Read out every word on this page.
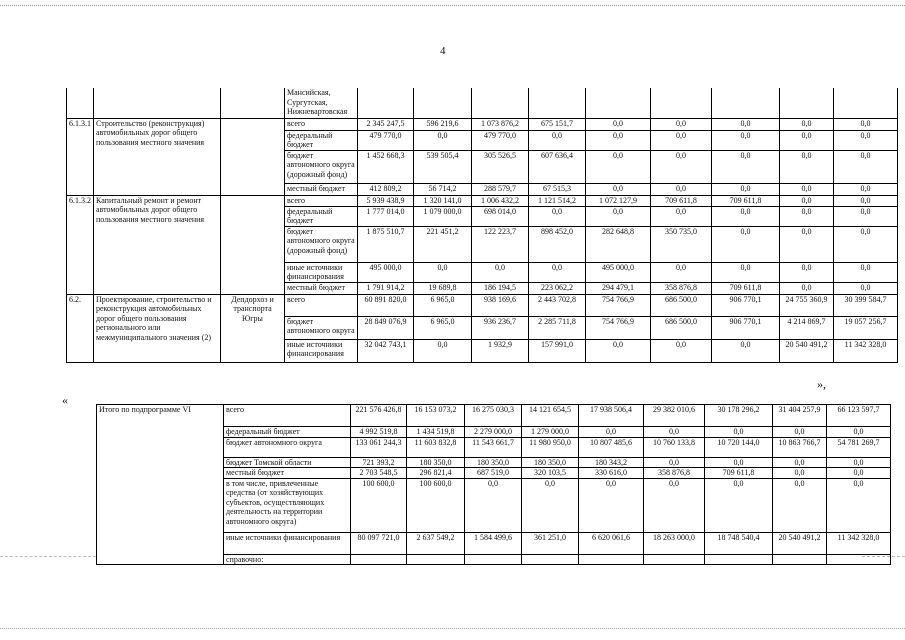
4
			Мансийская, Сургутская, Нижневартовская									
6.1.3.1	Строительство (реконструкция) автомобильных дорог общего пользования местного значения		всего	2 345 247,5	596 219,6	1 073 876,2	675 151,7	0,0	0,0	0,0	0,0	0,0
			федеральный бюджет	479 770,0	0,0	479 770,0	0,0	0,0	0,0	0,0	0,0	0,0
			бюджет автономного округа (дорожный фонд)	1 452 668,3	539 505,4	305 526,5	607 636,4	0,0	0,0	0,0	0,0	0,0
			местный бюджет	412 809,2	56 714,2	288 579,7	67 515,3	0,0	0,0	0,0	0,0	0,0
6.1.3.2	Капитальный ремонт и ремонт автомобильных дорог общего пользования местного значения		всего	5 939 438,9	1 320 141,0	1 006 432,2	1 121 514,2	1 072 127,9	709 611,8	709 611,8	0,0	0,0
			федеральный бюджет	1 777 014,0	1 079 000,0	698 014,0	0,0	0,0	0,0	0,0	0,0	0,0
			бюджет автономного округа (дорожный фонд)	1 875 510,7	221 451,2	122 223,7	898 452,0	282 648,8	350 735,0	0,0	0,0	0,0
			иные источники финансирования	495 000,0	0,0	0,0	0,0	495 000,0	0,0	0,0	0,0	0,0
			местный бюджет	1 791 914,2	19 689,8	186 194,5	223 062,2	294 479,1	358 876,8	709 611,8	0,0	0,0
6.2.	Проектирование, строительство и реконструкция автомобильных дорог общего пользования регионального или межмуниципального значения (2)	Депдорхоз и транспорта Югры	всего	60 891 820,0	6 965,0	938 169,6	2 443 702,8	754 766,9	686 500,0	906 770,1	24 755 360,9	30 399 584,7
			бюджет автономного округа	28 849 076,9	6 965,0	936 236,7	2 285 711,8	754 766,9	686 500,0	906 770,1	4 214 869,7	19 057 256,7
			иные источники финансирования	32 042 743,1	0,0	1 932,9	157 991,0	0,0	0,0	0,0	20 540 491,2	11 342 328,0
»,
«
Итого по подпрограмме VI	всего	221 576 426,8	16 153 073,2	16 275 030,3	14 121 654,5	17 938 506,4	29 382 010,6	30 178 296,2	31 404 257,9	66 123 597,7
	федеральный бюджет	4 992 519,8	1 434 519,8	2 279 000,0	1 279 000,0	0,0	0,0	0,0	0,0	0,0
	бюджет автономного округа	133 061 244,3	11 603 832,8	11 543 661,7	11 980 950,0	10 807 485,6	10 760 133,8	10 720 144,0	10 863 766,7	54 781 269,7
	бюджет Томской области	721 393,2	180 350,0	180 350,0	180 350,0	180 343,2	0,0	0,0	0,0	0,0
	местный бюджет	2 703 548,5	296 821,4	687 519,0	320 103,5	330 616,0	358 876,8	709 611,8	0,0	0,0
	в том числе, привлеченные средства (от хозяйствующих субъектов, осуществляющих деятельность на территории автономного округа)	100 600,0	100 600,0	0,0	0,0	0,0	0,0	0,0	0,0	0,0
	иные источники финансирования	80 097 721,0	2 637 549,2	1 584 499,6	361 251,0	6 620 061,6	18 263 000,0	18 748 540,4	20 540 491,2	11 342 328,0
	справочно:									
